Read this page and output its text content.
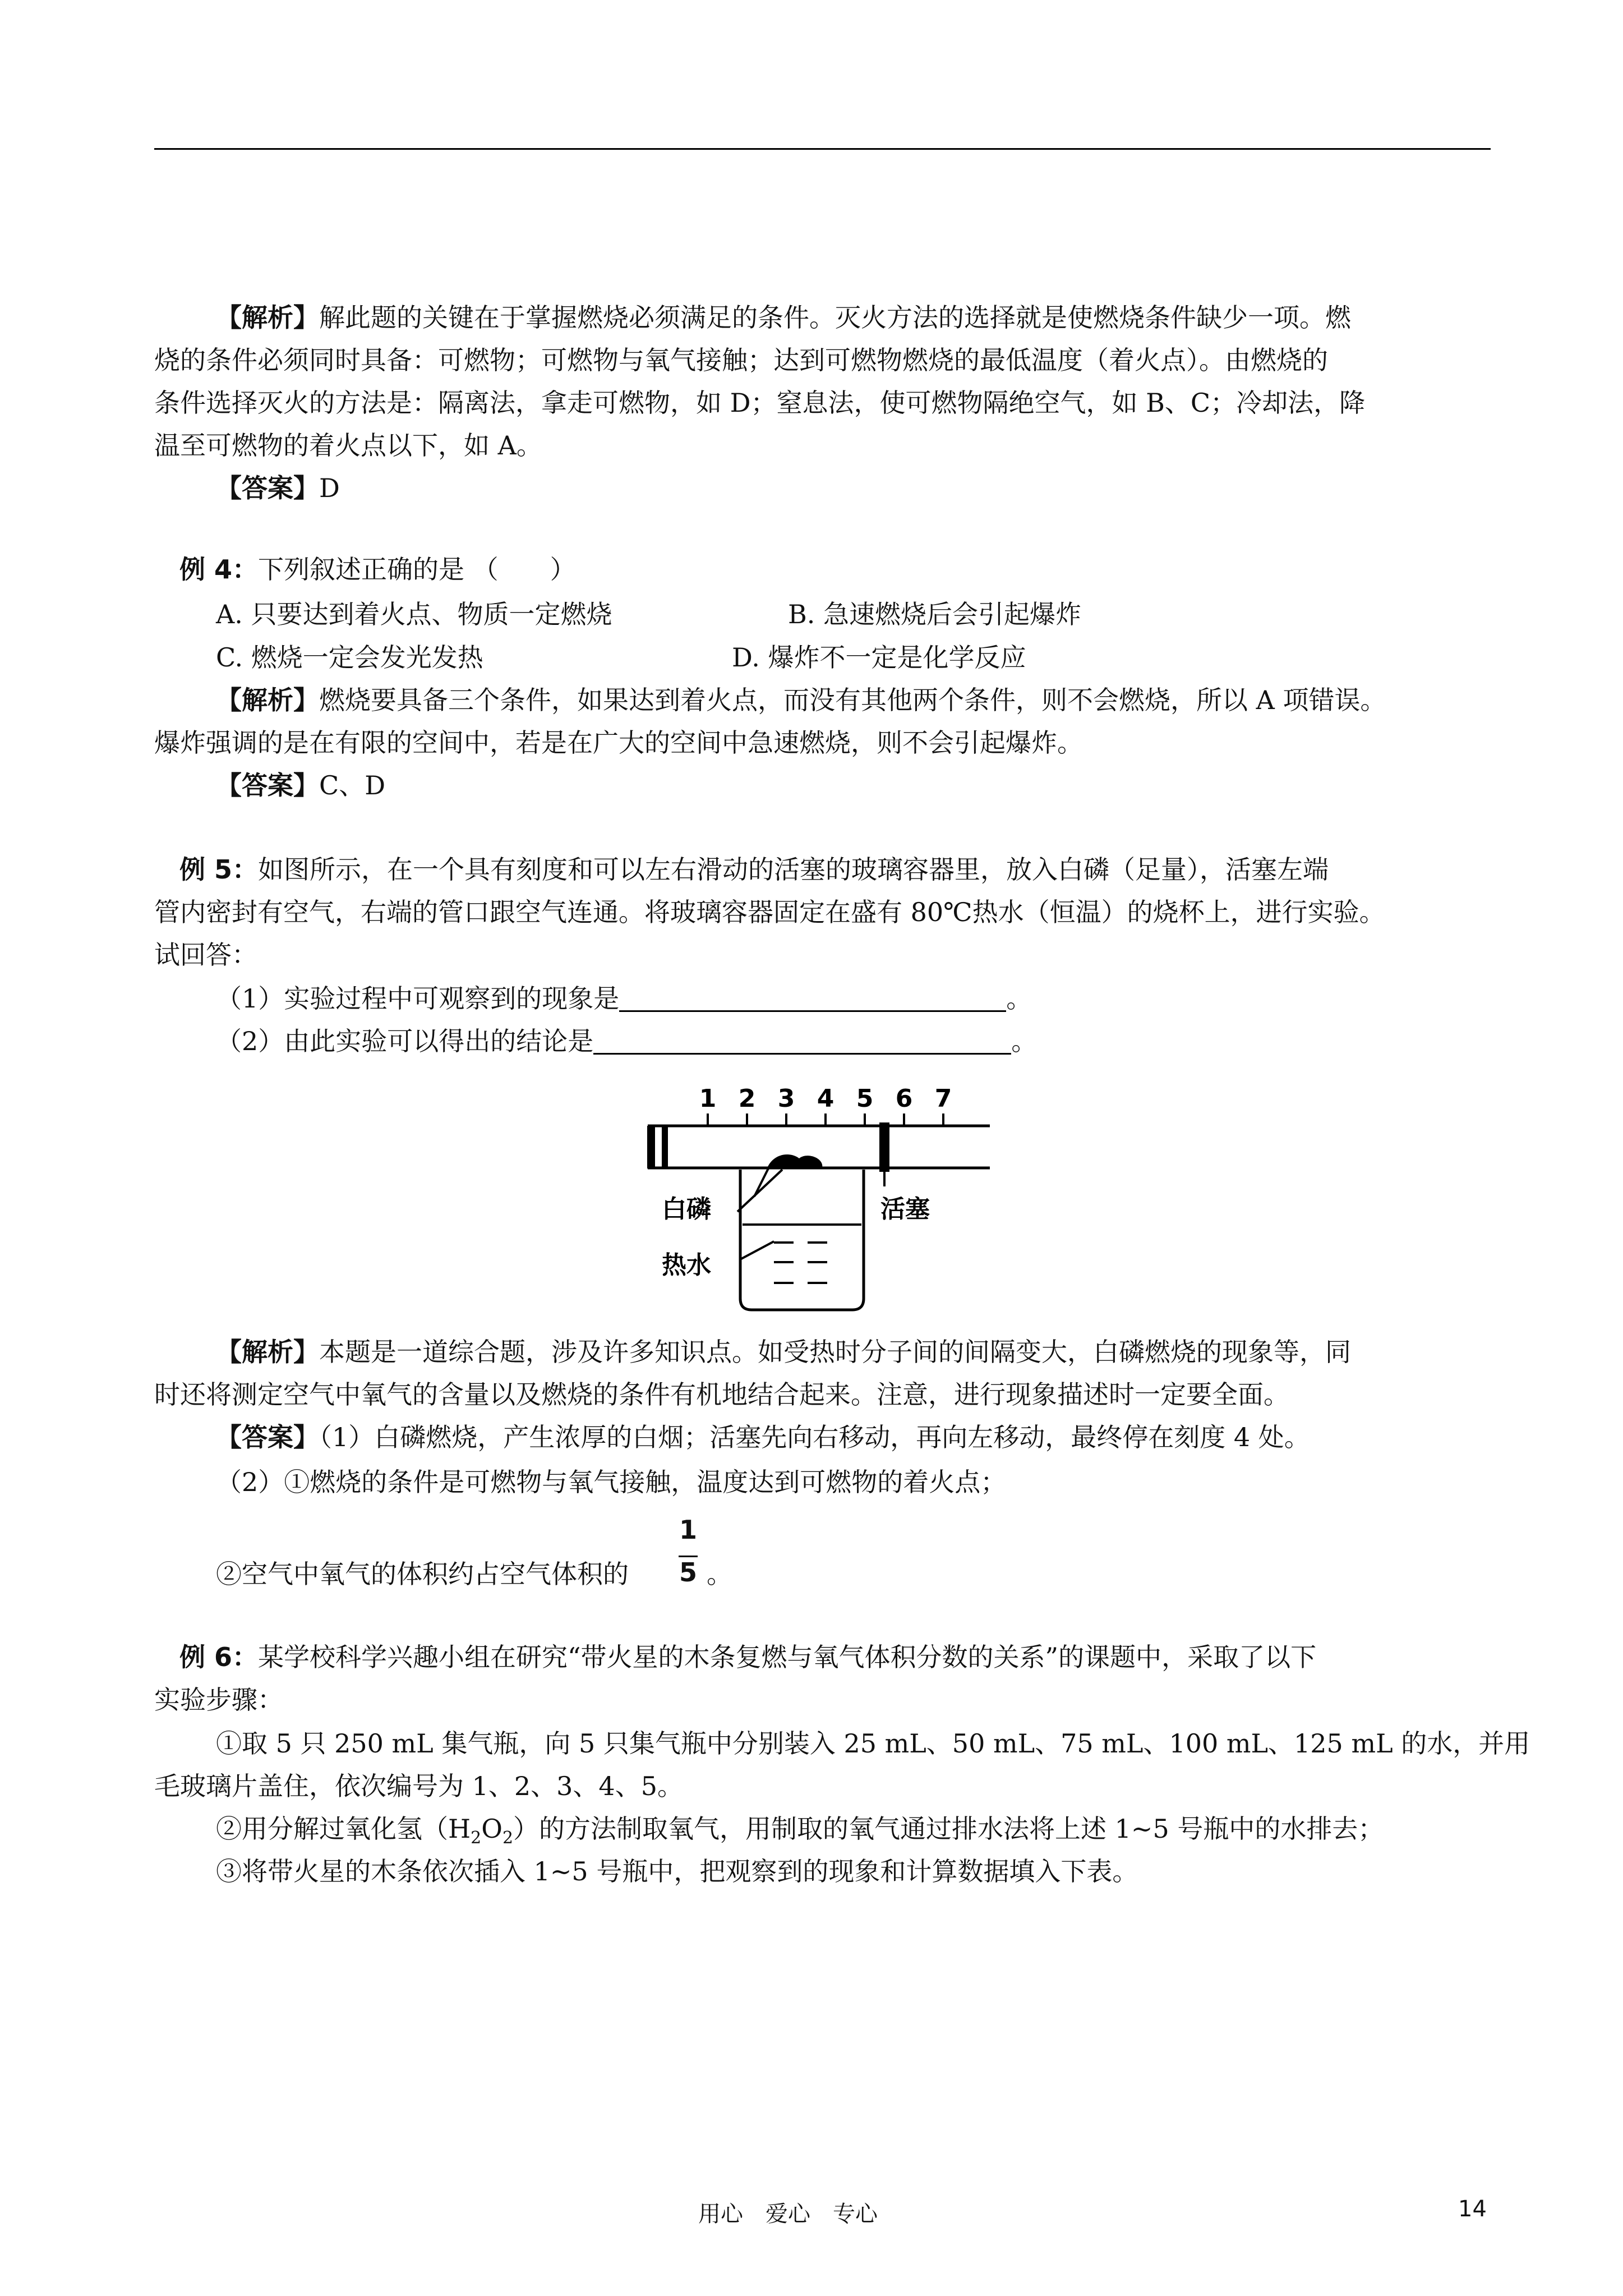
【解析】解此题的关键在于掌握燃烧必须满足的条件。灭火方法的选择就是使燃烧条件缺少一项。燃
烧的条件必须同时具备：可燃物；可燃物与氧气接触；达到可燃物燃烧的最低温度（着火点）。由燃烧的
条件选择灭火的方法是：隔离法，拿走可燃物，如 D；窒息法，使可燃物隔绝空气，如 B、C；冷却法，降
温至可燃物的着火点以下，如 A。
【答案】D
例 4：下列叙述正确的是 （　　）
A. 只要达到着火点、物质一定燃烧	B. 急速燃烧后会引起爆炸
C. 燃烧一定会发光发热	D. 爆炸不一定是化学反应
【解析】燃烧要具备三个条件，如果达到着火点，而没有其他两个条件，则不会燃烧，所以 A 项错误。
爆炸强调的是在有限的空间中，若是在广大的空间中急速燃烧，则不会引起爆炸。
【答案】C、D
例 5：如图所示，在一个具有刻度和可以左右滑动的活塞的玻璃容器里，放入白磷（足量），活塞左端
管内密封有空气，右端的管口跟空气连通。将玻璃容器固定在盛有 80℃热水（恒温）的烧杯上，进行实验。
试回答：
（1）实验过程中可观察到的现象是	。
（2）由此实验可以得出的结论是	。
1 2 3 4 5 6 7
白磷	活塞
热水
【解析】本题是一道综合题，涉及许多知识点。如受热时分子间的间隔变大，白磷燃烧的现象等，同
时还将测定空气中氧气的含量以及燃烧的条件有机地结合起来。注意，进行现象描述时一定要全面。
【答案】（1）白磷燃烧，产生浓厚的白烟；活塞先向右移动，再向左移动，最终停在刻度 4 处。
（2）①燃烧的条件是可燃物与氧气接触，温度达到可燃物的着火点；
1
5
②空气中氧气的体积约占空气体积的	。
例 6：某学校科学兴趣小组在研究“带火星的木条复燃与氧气体积分数的关系”的课题中，采取了以下
实验步骤：
①取 5 只 250 mL 集气瓶，向 5 只集气瓶中分别装入 25 mL、50 mL、75 mL、100 mL、125 mL 的水，并用
毛玻璃片盖住，依次编号为 1、2、3、4、5。
②用分解过氧化氢$(H_2O_2)$的方法制取氧气，用制取的氧气通过排水法将上述 1~5 号瓶中的水排去；
③将带火星的木条依次插入 1~5 号瓶中，把观察到的现象和计算数据填入下表。
用心　爱心　专心	14
